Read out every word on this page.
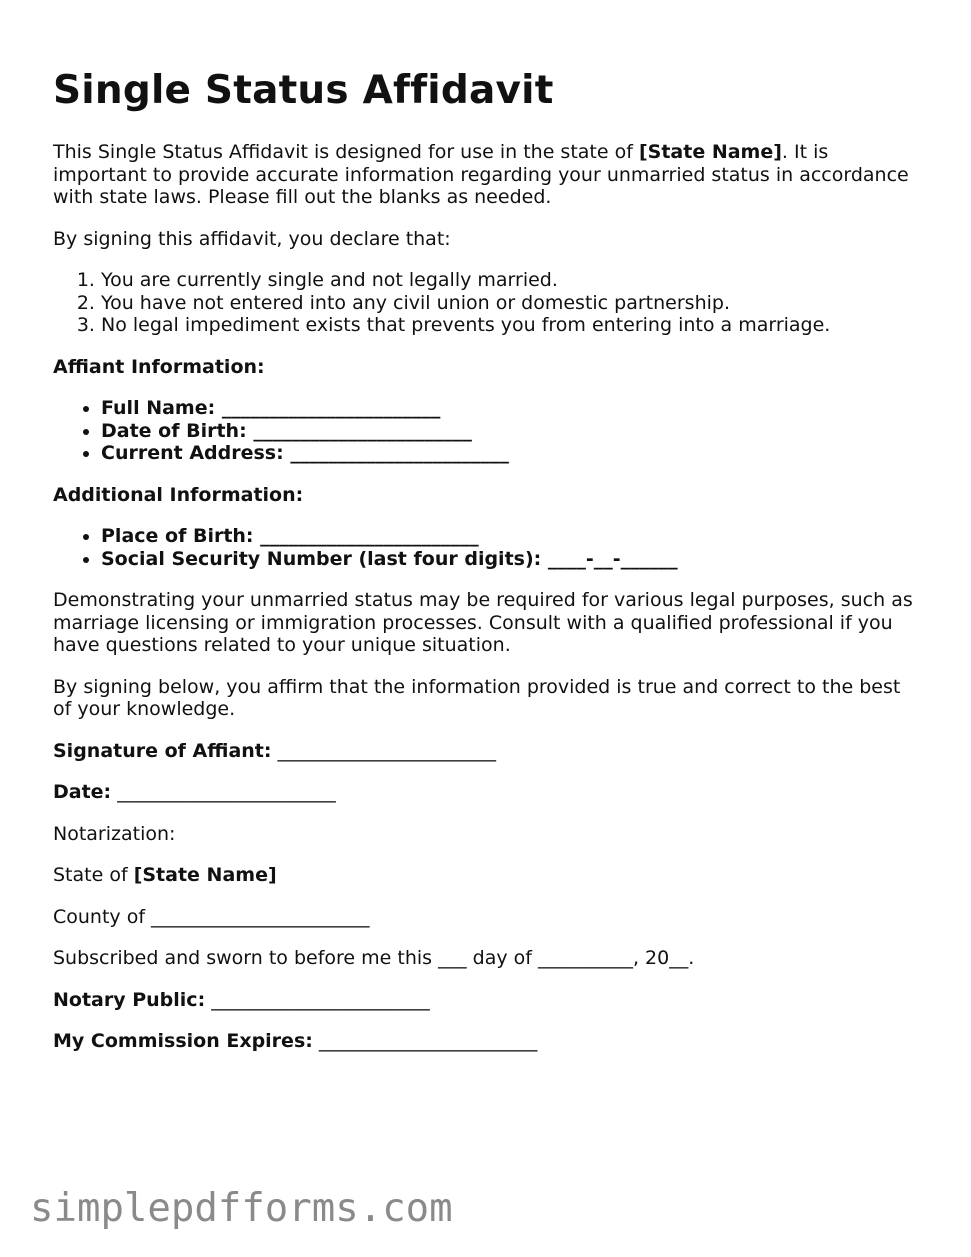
Single Status Affidavit

This Single Status Affidavit is designed for use in the state of [State Name]. It is important to provide accurate information regarding your unmarried status in accordance with state laws. Please fill out the blanks as needed.

By signing this affidavit, you declare that:

1. You are currently single and not legally married.
2. You have not entered into any civil union or domestic partnership.
3. No legal impediment exists that prevents you from entering into a marriage.

Affiant Information:

• Full Name: _______________________
• Date of Birth: _______________________
• Current Address: _______________________

Additional Information:

• Place of Birth: _______________________
• Social Security Number (last four digits): ____-__-______

Demonstrating your unmarried status may be required for various legal purposes, such as marriage licensing or immigration processes. Consult with a qualified professional if you have questions related to your unique situation.

By signing below, you affirm that the information provided is true and correct to the best of your knowledge.

Signature of Affiant: _______________________

Date: _______________________

Notarization:

State of [State Name]

County of _______________________

Subscribed and sworn to before me this ___ day of __________, 20__.

Notary Public: _______________________

My Commission Expires: _______________________

simplepdfforms.com
